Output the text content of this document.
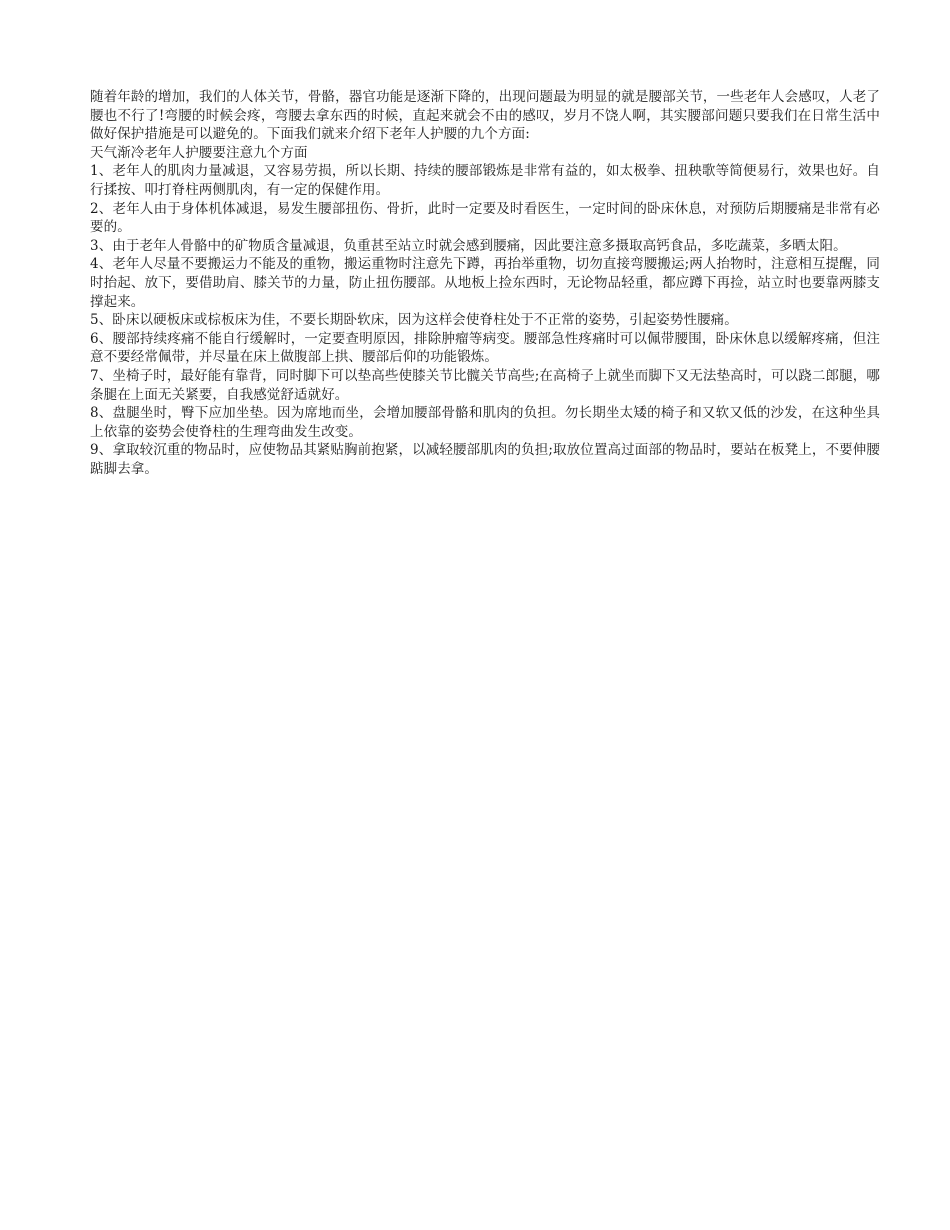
随着年龄的增加，我们的人体关节，骨骼，器官功能是逐渐下降的，出现问题最为明显的就是腰部关节，一些老年人会感叹，人老了腰也不行了!弯腰的时候会疼，弯腰去拿东西的时候，直起来就会不由的感叹，岁月不饶人啊，其实腰部问题只要我们在日常生活中做好保护措施是可以避免的。下面我们就来介绍下老年人护腰的九个方面:

天气渐冷老年人护腰要注意九个方面

1、老年人的肌肉力量减退，又容易劳损，所以长期、持续的腰部锻炼是非常有益的，如太极拳、扭秧歌等简便易行，效果也好。自行揉按、叩打脊柱两侧肌肉，有一定的保健作用。

2、老年人由于身体机体减退，易发生腰部扭伤、骨折，此时一定要及时看医生，一定时间的卧床休息，对预防后期腰痛是非常有必要的。

3、由于老年人骨骼中的矿物质含量减退，负重甚至站立时就会感到腰痛，因此要注意多摄取高钙食品，多吃蔬菜，多晒太阳。

4、老年人尽量不要搬运力不能及的重物，搬运重物时注意先下蹲，再抬举重物，切勿直接弯腰搬运;两人抬物时，注意相互提醒，同时抬起、放下，要借助肩、膝关节的力量，防止扭伤腰部。从地板上捡东西时，无论物品轻重，都应蹲下再捡，站立时也要靠两膝支撑起来。

5、卧床以硬板床或棕板床为佳，不要长期卧软床，因为这样会使脊柱处于不正常的姿势，引起姿势性腰痛。

6、腰部持续疼痛不能自行缓解时，一定要查明原因，排除肿瘤等病变。腰部急性疼痛时可以佩带腰围，卧床休息以缓解疼痛，但注意不要经常佩带，并尽量在床上做腹部上拱、腰部后仰的功能锻炼。

7、坐椅子时，最好能有靠背，同时脚下可以垫高些使膝关节比髋关节高些;在高椅子上就坐而脚下又无法垫高时，可以跷二郎腿，哪条腿在上面无关紧要，自我感觉舒适就好。

8、盘腿坐时，臀下应加坐垫。因为席地而坐，会增加腰部骨骼和肌肉的负担。勿长期坐太矮的椅子和又软又低的沙发，在这种坐具上依靠的姿势会使脊柱的生理弯曲发生改变。

9、拿取较沉重的物品时，应使物品其紧贴胸前抱紧，以减轻腰部肌肉的负担;取放位置高过面部的物品时，要站在板凳上，不要伸腰踮脚去拿。
